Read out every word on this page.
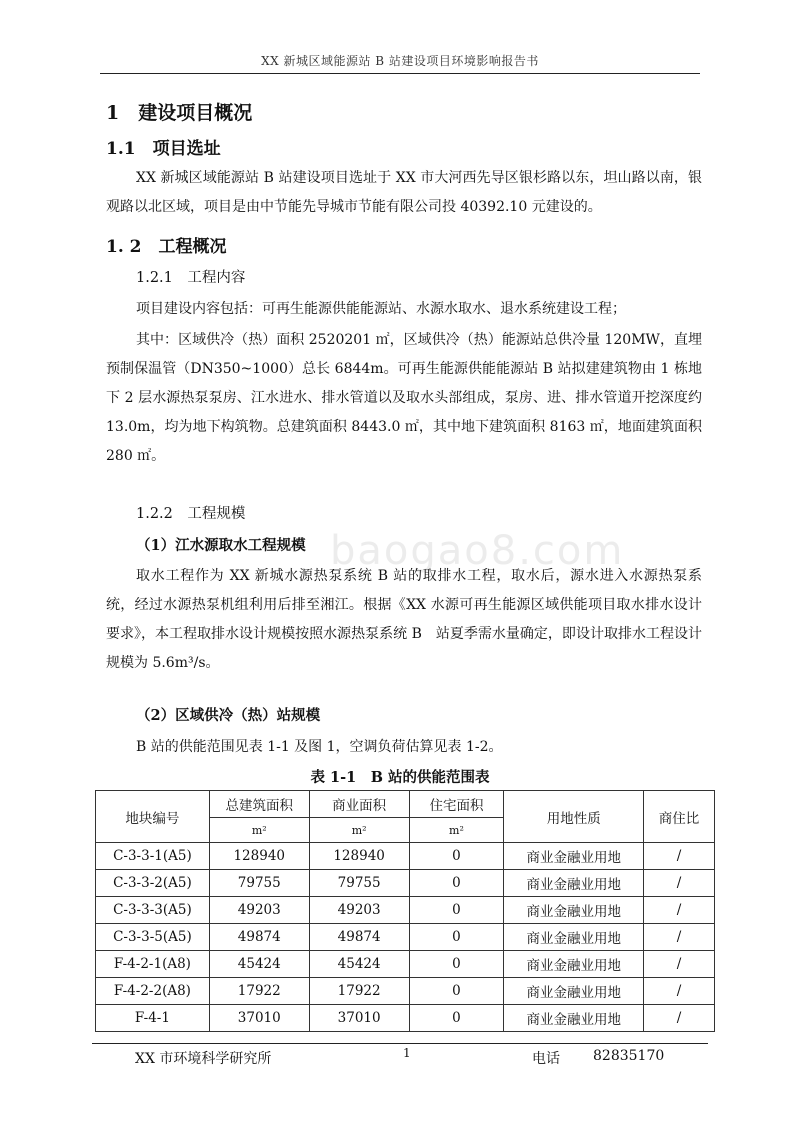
XX 新城区域能源站 B 站建设项目环境影响报告书
baogao8.com
1　建设项目概况
1.1　项目选址
XX 新城区域能源站 B 站建设项目选址于 XX 市大河西先导区银杉路以东，坦山路以南，银观路以北区域，项目是由中节能先导城市节能有限公司投 40392.10 元建设的。
1. 2　工程概况
1.2.1　工程内容
项目建设内容包括：可再生能源供能能源站、水源水取水、退水系统建设工程；
其中：区域供冷（热）面积 2520201 ㎡，区域供冷（热）能源站总供冷量 120MW，直埋预制保温管（DN350~1000）总长 6844m。可再生能源供能能源站 B 站拟建建筑物由 1 栋地下 2 层水源热泵泵房、江水进水、排水管道以及取水头部组成，泵房、进、排水管道开挖深度约 13.0m，均为地下构筑物。总建筑面积 8443.0 ㎡，其中地下建筑面积 8163 ㎡，地面建筑面积 280 ㎡。
1.2.2　工程规模
（1）江水源取水工程规模
取水工程作为 XX 新城水源热泵系统 B 站的取排水工程，取水后，源水进入水源热泵系统，经过水源热泵机组利用后排至湘江。根据《XX 水源可再生能源区域供能项目取水排水设计要求》，本工程取排水设计规模按照水源热泵系统 B　站夏季需水量确定，即设计取排水工程设计规模为 5.6m³/s。
（2）区域供冷（热）站规模
B 站的供能范围见表 1-1 及图 1，空调负荷估算见表 1-2。
表 1-1　B 站的供能范围表
地块编号	总建筑面积	商业面积	住宅面积	用地性质	商住比
	m²	m²	m²		
C-3-3-1(A5)	128940	128940	0	商业金融业用地	/
C-3-3-2(A5)	79755	79755	0	商业金融业用地	/
C-3-3-3(A5)	49203	49203	0	商业金融业用地	/
C-3-3-5(A5)	49874	49874	0	商业金融业用地	/
F-4-2-1(A8)	45424	45424	0	商业金融业用地	/
F-4-2-2(A8)	17922	17922	0	商业金融业用地	/
F-4-1	37010	37010	0	商业金融业用地	/
XX 市环境科学研究所	1	电话 82835170
